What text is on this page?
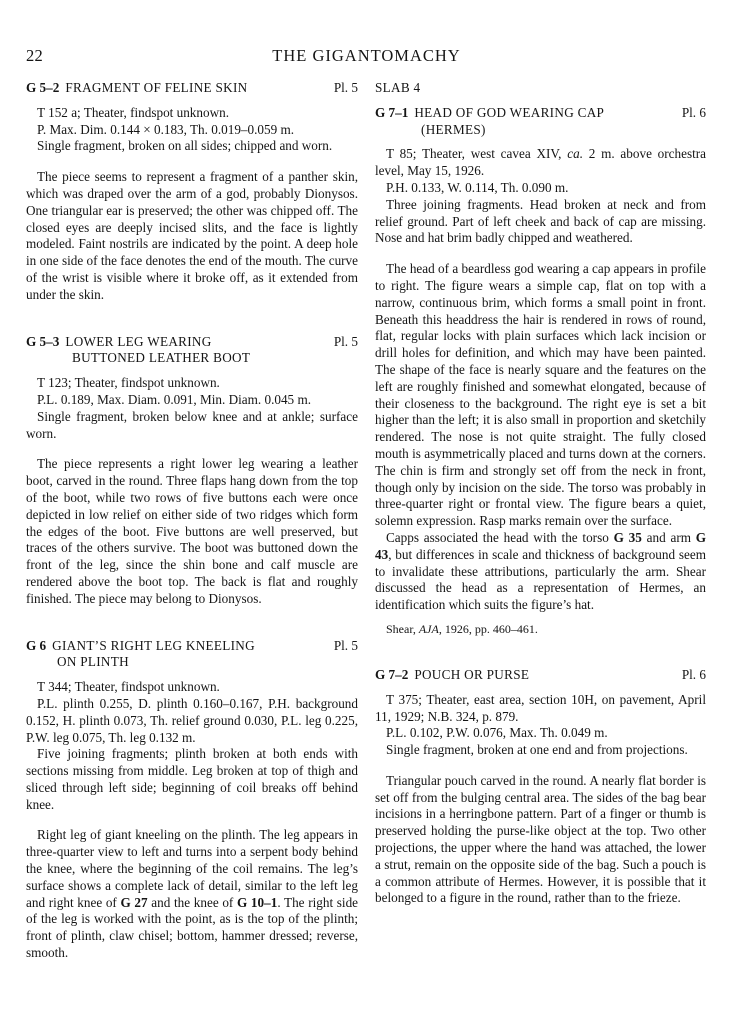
22	THE GIGANTOMACHY
G 5–2 FRAGMENT OF FELINE SKIN	Pl. 5

T 152 a; Theater, findspot unknown.

P. Max. Dim. 0.144 × 0.183, Th. 0.019–0.059 m.

Single fragment, broken on all sides; chipped and worn.

The piece seems to represent a fragment of a panther skin, which was draped over the arm of a god, probably Dionysos. One triangular ear is preserved; the other was chipped off. The closed eyes are deeply incised slits, and the face is lightly modeled. Faint nostrils are indicated by the point. A deep hole in one side of the face denotes the end of the mouth. The curve of the wrist is visible where it broke off, as it extended from under the skin.

G 5–3 LOWER LEG WEARING	Pl. 5
BUTTONED LEATHER BOOT

T 123; Theater, findspot unknown.

P.L. 0.189, Max. Diam. 0.091, Min. Diam. 0.045 m.

Single fragment, broken below knee and at ankle; surface worn.

The piece represents a right lower leg wearing a leather boot, carved in the round. Three flaps hang down from the top of the boot, while two rows of five buttons each were once depicted in low relief on either side of two ridges which form the edges of the boot. Five buttons are well preserved, but traces of the others survive. The boot was buttoned down the front of the leg, since the shin bone and calf muscle are rendered above the boot top. The back is flat and roughly finished. The piece may belong to Dionysos.

G 6 GIANT’S RIGHT LEG KNEELING	Pl. 5
ON PLINTH

T 344; Theater, findspot unknown.

P.L. plinth 0.255, D. plinth 0.160–0.167, P.H. background 0.152, H. plinth 0.073, Th. relief ground 0.030, P.L. leg 0.225, P.W. leg 0.075, Th. leg 0.132 m.

Five joining fragments; plinth broken at both ends with sections missing from middle. Leg broken at top of thigh and sliced through left side; beginning of coil breaks off behind knee.

Right leg of giant kneeling on the plinth. The leg appears in three-quarter view to left and turns into a serpent body behind the knee, where the beginning of the coil remains. The leg’s surface shows a complete lack of detail, similar to the left leg and right knee of G 27 and the knee of G 10–1. The right side of the leg is worked with the point, as is the top of the plinth; front of plinth, claw chisel; bottom, hammer dressed; reverse, smooth.

SLAB 4
G 7–1 HEAD OF GOD WEARING CAP	Pl. 6
(HERMES)

T 85; Theater, west cavea XIV, ca. 2 m. above orchestra level, May 15, 1926.

P.H. 0.133, W. 0.114, Th. 0.090 m.

Three joining fragments. Head broken at neck and from relief ground. Part of left cheek and back of cap are missing. Nose and hat brim badly chipped and weathered.

The head of a beardless god wearing a cap appears in profile to right. The figure wears a simple cap, flat on top with a narrow, continuous brim, which forms a small point in front. Beneath this headdress the hair is rendered in rows of round, flat, regular locks with plain surfaces which lack incision or drill holes for definition, and which may have been painted. The shape of the face is nearly square and the features on the left are roughly finished and somewhat elongated, because of their closeness to the background. The right eye is set a bit higher than the left; it is also small in proportion and sketchily rendered. The nose is not quite straight. The fully closed mouth is asymmetrically placed and turns down at the corners. The chin is firm and strongly set off from the neck in front, though only by incision on the side. The torso was probably in three-quarter right or frontal view. The figure bears a quiet, solemn expression. Rasp marks remain over the surface.

Capps associated the head with the torso G 35 and arm G 43, but differences in scale and thickness of background seem to invalidate these attributions, particularly the arm. Shear discussed the head as a representation of Hermes, an identification which suits the figure’s hat.

Shear, AJA, 1926, pp. 460–461.

G 7–2 POUCH OR PURSE	Pl. 6

T 375; Theater, east area, section 10H, on pavement, April 11, 1929; N.B. 324, p. 879.

P.L. 0.102, P.W. 0.076, Max. Th. 0.049 m.

Single fragment, broken at one end and from projections.

Triangular pouch carved in the round. A nearly flat border is set off from the bulging central area. The sides of the bag bear incisions in a herringbone pattern. Part of a finger or thumb is preserved holding the purse-like object at the top. Two other projections, the upper where the hand was attached, the lower a strut, remain on the opposite side of the bag. Such a pouch is a common attribute of Hermes. However, it is possible that it belonged to a figure in the round, rather than to the frieze.
